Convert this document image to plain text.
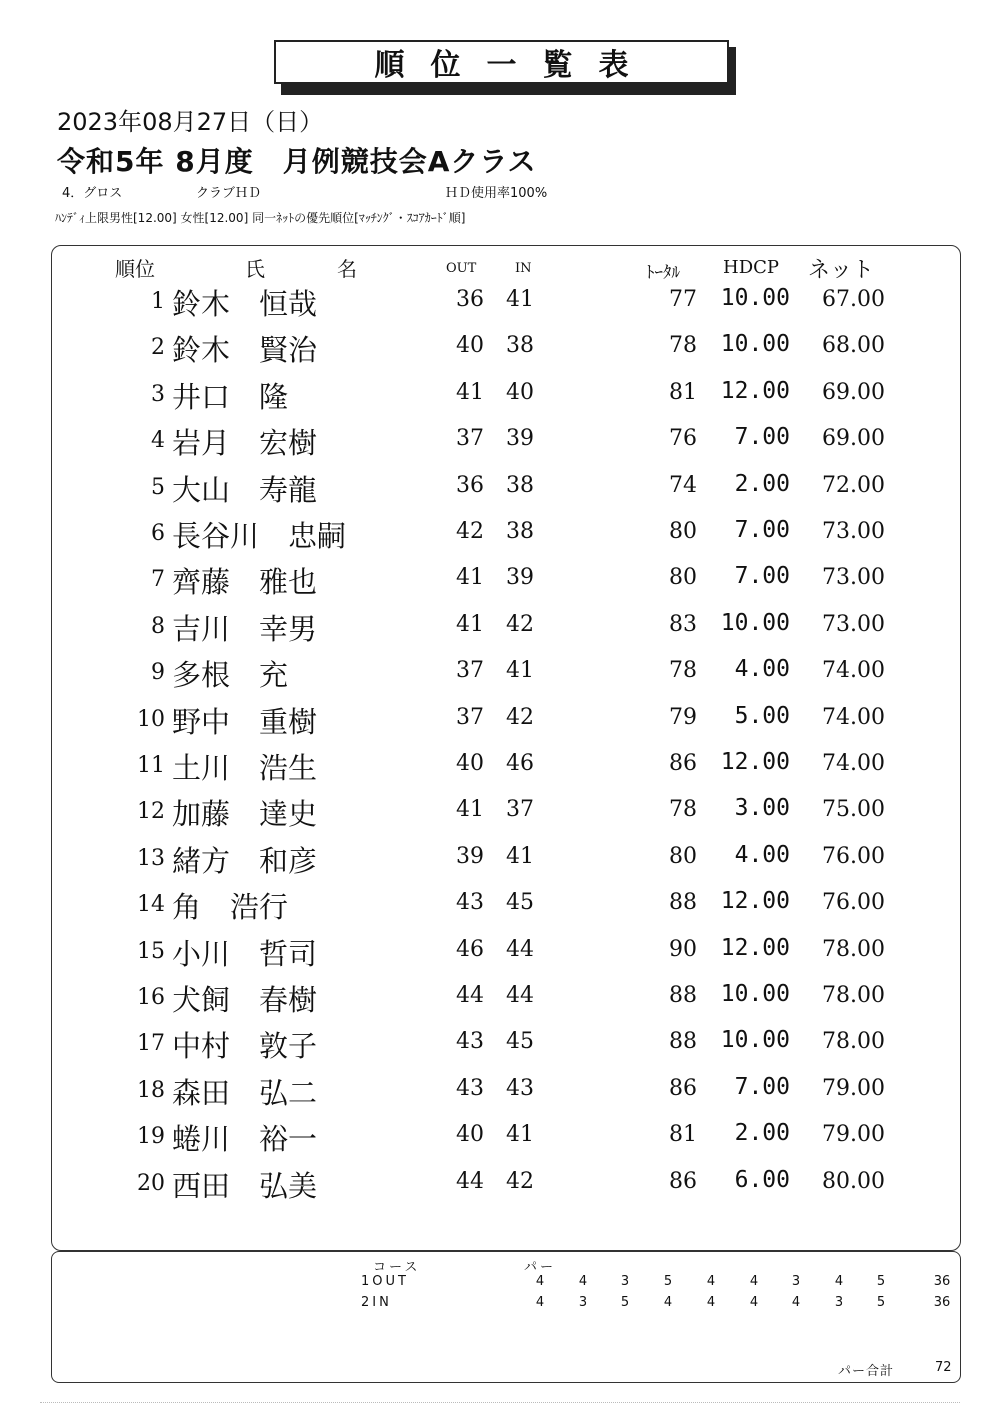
順位一覧表
2023年08月27日（日）
令和5年 8月度　月例競技会Aクラス
4．グロス	クラブＨＤ	ＨＤ使用率100%
ﾊﾝﾃﾞｨ上限男性[12.00] 女性[12.00] 同一ﾈｯﾄの優先順位[ﾏｯﾁﾝｸﾞ・ｽｺｱｶｰﾄﾞ順]
順位	氏	名	OUT	IN	ﾄｰﾀﾙ HDCP ネット
1 鈴木　恒哉	36 41	77 10.00 67.00
2 鈴木　賢治	40 38	78 10.00 68.00
3 井口　隆	41 40	81 12.00 69.00
4 岩月　宏樹	37 39	76 7.00 69.00
5 大山　寿龍	36 38	74 2.00 72.00
6 長谷川　忠嗣	42 38	80 7.00 73.00
7 齊藤　雅也	41 39	80 7.00 73.00
8 吉川　幸男	41 42	83 10.00 73.00
9 多根　充	37 41	78 4.00 74.00
10 野中　重樹	37 42	79 5.00 74.00
11 土川　浩生	40 46	86 12.00 74.00
12 加藤　達史	41 37	78 3.00 75.00
13 緒方　和彦	39 41	80 4.00 76.00
14 角　浩行	43 45	88 12.00 76.00
15 小川　哲司	46 44	90 12.00 78.00
16 犬飼　春樹	44 44	88 10.00 78.00
17 中村　敦子	43 45	88 10.00 78.00
18 森田　弘二	43 43	86 7.00 79.00
19 蜷川　裕一	40 41	81 2.00 79.00
20 西田　弘美	44 42	86 6.00 80.00
コース	パー
1OUT	4	4	3	5	4	4	3	4	5	36
2IN	4	3	5	4	4	4	4	3	5	36
パー合計	72
